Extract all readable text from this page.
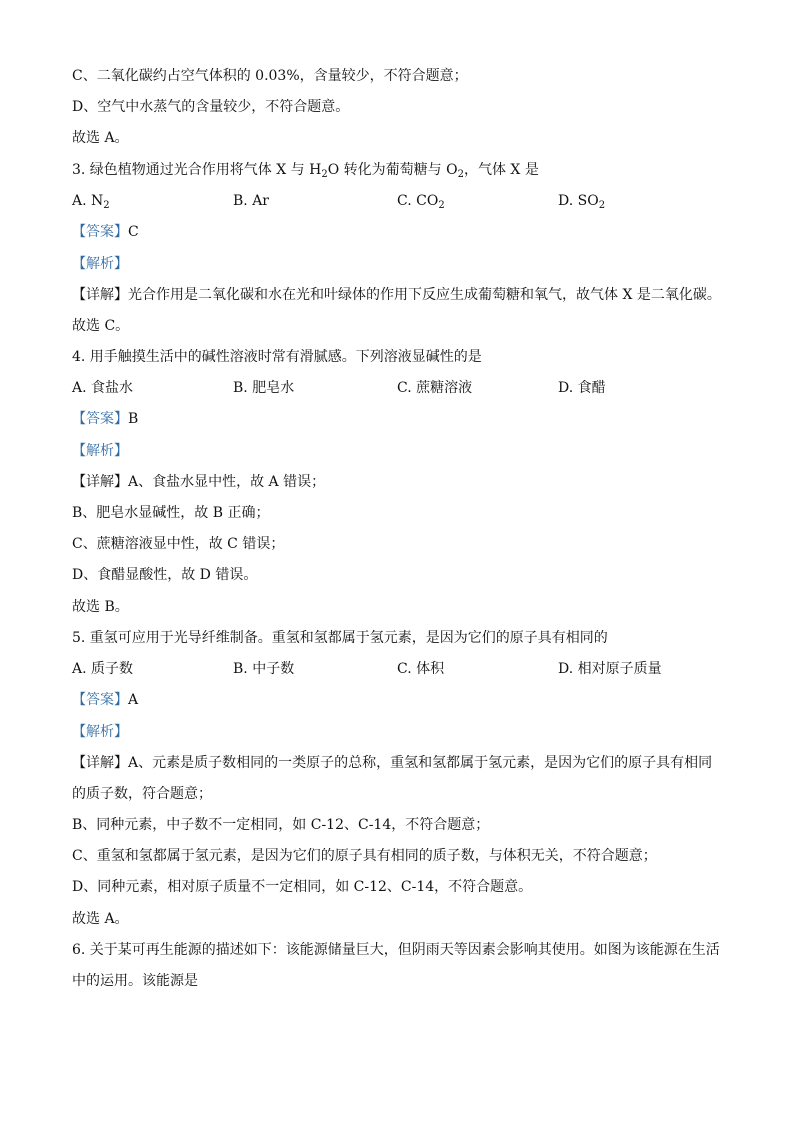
C、二氧化碳约占空气体积的 0.03%，含量较少，不符合题意；
D、空气中水蒸气的含量较少，不符合题意。
故选 A。
3. 绿色植物通过光合作用将气体 X 与 $H_2O$ 转化为葡萄糖与 $O_2$，气体 X 是
A. $N_2$	B. Ar	C. $CO_2$	D. $SO_2$
【答案】C
【解析】
【详解】光合作用是二氧化碳和水在光和叶绿体的作用下反应生成葡萄糖和氧气，故气体 X 是二氧化碳。
故选 C。
4. 用手触摸生活中的碱性溶液时常有滑腻感。下列溶液显碱性的是
A. 食盐水	B. 肥皂水	C. 蔗糖溶液	D. 食醋
【答案】B
【解析】
【详解】A、食盐水显中性，故 A 错误；
B、肥皂水显碱性，故 B 正确；
C、蔗糖溶液显中性，故 C 错误；
D、食醋显酸性，故 D 错误。
故选 B。
5. 重氢可应用于光导纤维制备。重氢和氢都属于氢元素，是因为它们的原子具有相同的
A. 质子数	B. 中子数	C. 体积	D. 相对原子质量
【答案】A
【解析】
【详解】A、元素是质子数相同的一类原子的总称，重氢和氢都属于氢元素，是因为它们的原子具有相同
的质子数，符合题意；
B、同种元素，中子数不一定相同，如 C-12、C-14，不符合题意；
C、重氢和氢都属于氢元素，是因为它们的原子具有相同的质子数，与体积无关，不符合题意；
D、同种元素，相对原子质量不一定相同，如 C-12、C-14，不符合题意。
故选 A。
6. 关于某可再生能源的描述如下：该能源储量巨大，但阴雨天等因素会影响其使用。如图为该能源在生活
中的运用。该能源是
